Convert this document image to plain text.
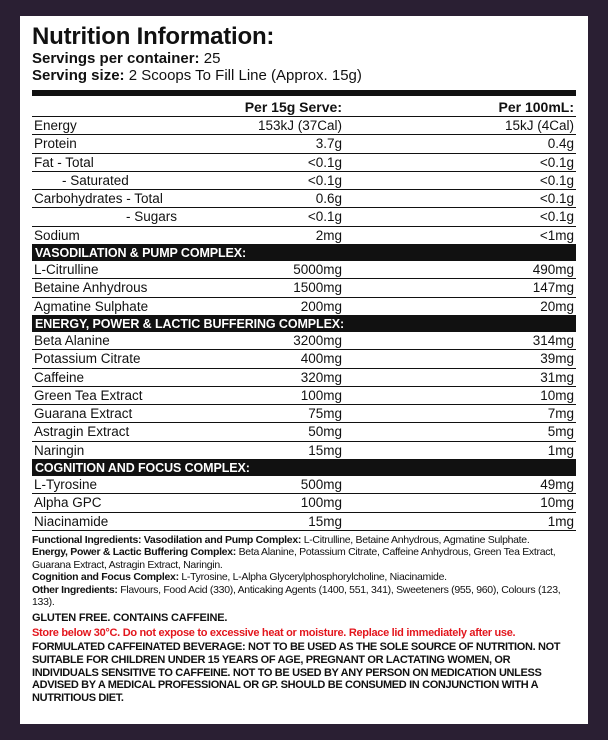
Nutrition Information:
Servings per container: 25
Serving size: 2 Scoops To Fill Line (Approx. 15g)
Per 15g Serve:	Per 100mL:
Energy	153kJ (37Cal)	15kJ (4Cal)
Protein	3.7g	0.4g
Fat - Total	<0.1g	<0.1g
- Saturated	<0.1g	<0.1g
Carbohydrates - Total	0.6g	<0.1g
- Sugars	<0.1g	<0.1g
Sodium	2mg	<1mg
VASODILATION & PUMP COMPLEX:
L-Citrulline	5000mg	490mg
Betaine Anhydrous	1500mg	147mg
Agmatine Sulphate	200mg	20mg
ENERGY, POWER & LACTIC BUFFERING COMPLEX:
Beta Alanine	3200mg	314mg
Potassium Citrate	400mg	39mg
Caffeine	320mg	31mg
Green Tea Extract	100mg	10mg
Guarana Extract	75mg	7mg
Astragin Extract	50mg	5mg
Naringin	15mg	1mg
COGNITION AND FOCUS COMPLEX:
L-Tyrosine	500mg	49mg
Alpha GPC	100mg	10mg
Niacinamide	15mg	1mg
Functional Ingredients: Vasodilation and Pump Complex: L-Citrulline, Betaine Anhydrous, Agmatine Sulphate.
Energy, Power & Lactic Buffering Complex: Beta Alanine, Potassium Citrate, Caffeine Anhydrous, Green Tea Extract, Guarana Extract, Astragin Extract, Naringin.
Cognition and Focus Complex: L-Tyrosine, L-Alpha Glycerylphosphorylcholine, Niacinamide.
Other Ingredients: Flavours, Food Acid (330), Anticaking Agents (1400, 551, 341), Sweeteners (955, 960), Colours (123, 133).
GLUTEN FREE. CONTAINS CAFFEINE.
Store below 30°C. Do not expose to excessive heat or moisture. Replace lid immediately after use.
FORMULATED CAFFEINATED BEVERAGE: NOT TO BE USED AS THE SOLE SOURCE OF NUTRITION. NOT SUITABLE FOR CHILDREN UNDER 15 YEARS OF AGE, PREGNANT OR LACTATING WOMEN, OR INDIVIDUALS SENSITIVE TO CAFFEINE. NOT TO BE USED BY ANY PERSON ON MEDICATION UNLESS ADVISED BY A MEDICAL PROFESSIONAL OR GP. SHOULD BE CONSUMED IN CONJUNCTION WITH A NUTRITIOUS DIET.
